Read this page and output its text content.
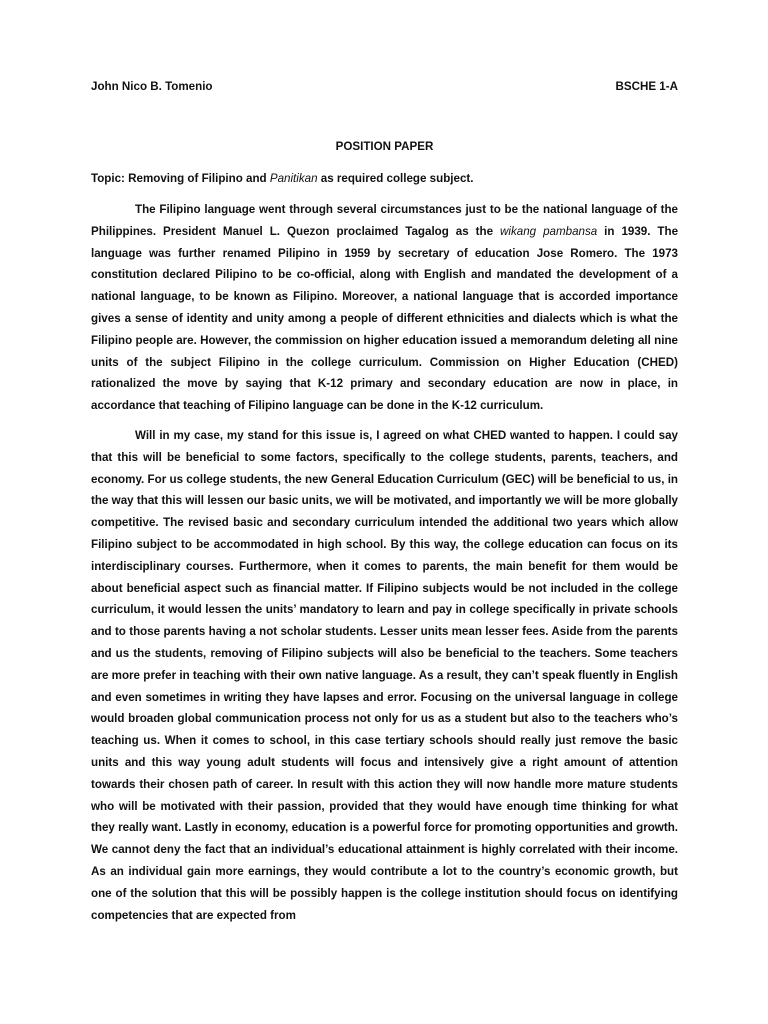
John Nico B. Tomenio	BSCHE 1-A
POSITION PAPER
Topic: Removing of Filipino and Panitikan as required college subject.

The Filipino language went through several circumstances just to be the national language of the Philippines. President Manuel L. Quezon proclaimed Tagalog as the wikang pambansa in 1939. The language was further renamed Pilipino in 1959 by secretary of education Jose Romero. The 1973 constitution declared Pilipino to be co-official, along with English and mandated the development of a national language, to be known as Filipino. Moreover, a national language that is accorded importance gives a sense of identity and unity among a people of different ethnicities and dialects which is what the Filipino people are. However, the commission on higher education issued a memorandum deleting all nine units of the subject Filipino in the college curriculum. Commission on Higher Education (CHED) rationalized the move by saying that K-12 primary and secondary education are now in place, in accordance that teaching of Filipino language can be done in the K-12 curriculum.

Will in my case, my stand for this issue is, I agreed on what CHED wanted to happen. I could say that this will be beneficial to some factors, specifically to the college students, parents, teachers, and economy. For us college students, the new General Education Curriculum (GEC) will be beneficial to us, in the way that this will lessen our basic units, we will be motivated, and importantly we will be more globally competitive. The revised basic and secondary curriculum intended the additional two years which allow Filipino subject to be accommodated in high school. By this way, the college education can focus on its interdisciplinary courses. Furthermore, when it comes to parents, the main benefit for them would be about beneficial aspect such as financial matter. If Filipino subjects would be not included in the college curriculum, it would lessen the units’ mandatory to learn and pay in college specifically in private schools and to those parents having a not scholar students. Lesser units mean lesser fees. Aside from the parents and us the students, removing of Filipino subjects will also be beneficial to the teachers. Some teachers are more prefer in teaching with their own native language. As a result, they can’t speak fluently in English and even sometimes in writing they have lapses and error. Focusing on the universal language in college would broaden global communication process not only for us as a student but also to the teachers who’s teaching us. When it comes to school, in this case tertiary schools should really just remove the basic units and this way young adult students will focus and intensively give a right amount of attention towards their chosen path of career. In result with this action they will now handle more mature students who will be motivated with their passion, provided that they would have enough time thinking for what they really want. Lastly in economy, education is a powerful force for promoting opportunities and growth. We cannot deny the fact that an individual’s educational attainment is highly correlated with their income. As an individual gain more earnings, they would contribute a lot to the country’s economic growth, but one of the solution that this will be possibly happen is the college institution should focus on identifying competencies that are expected from
